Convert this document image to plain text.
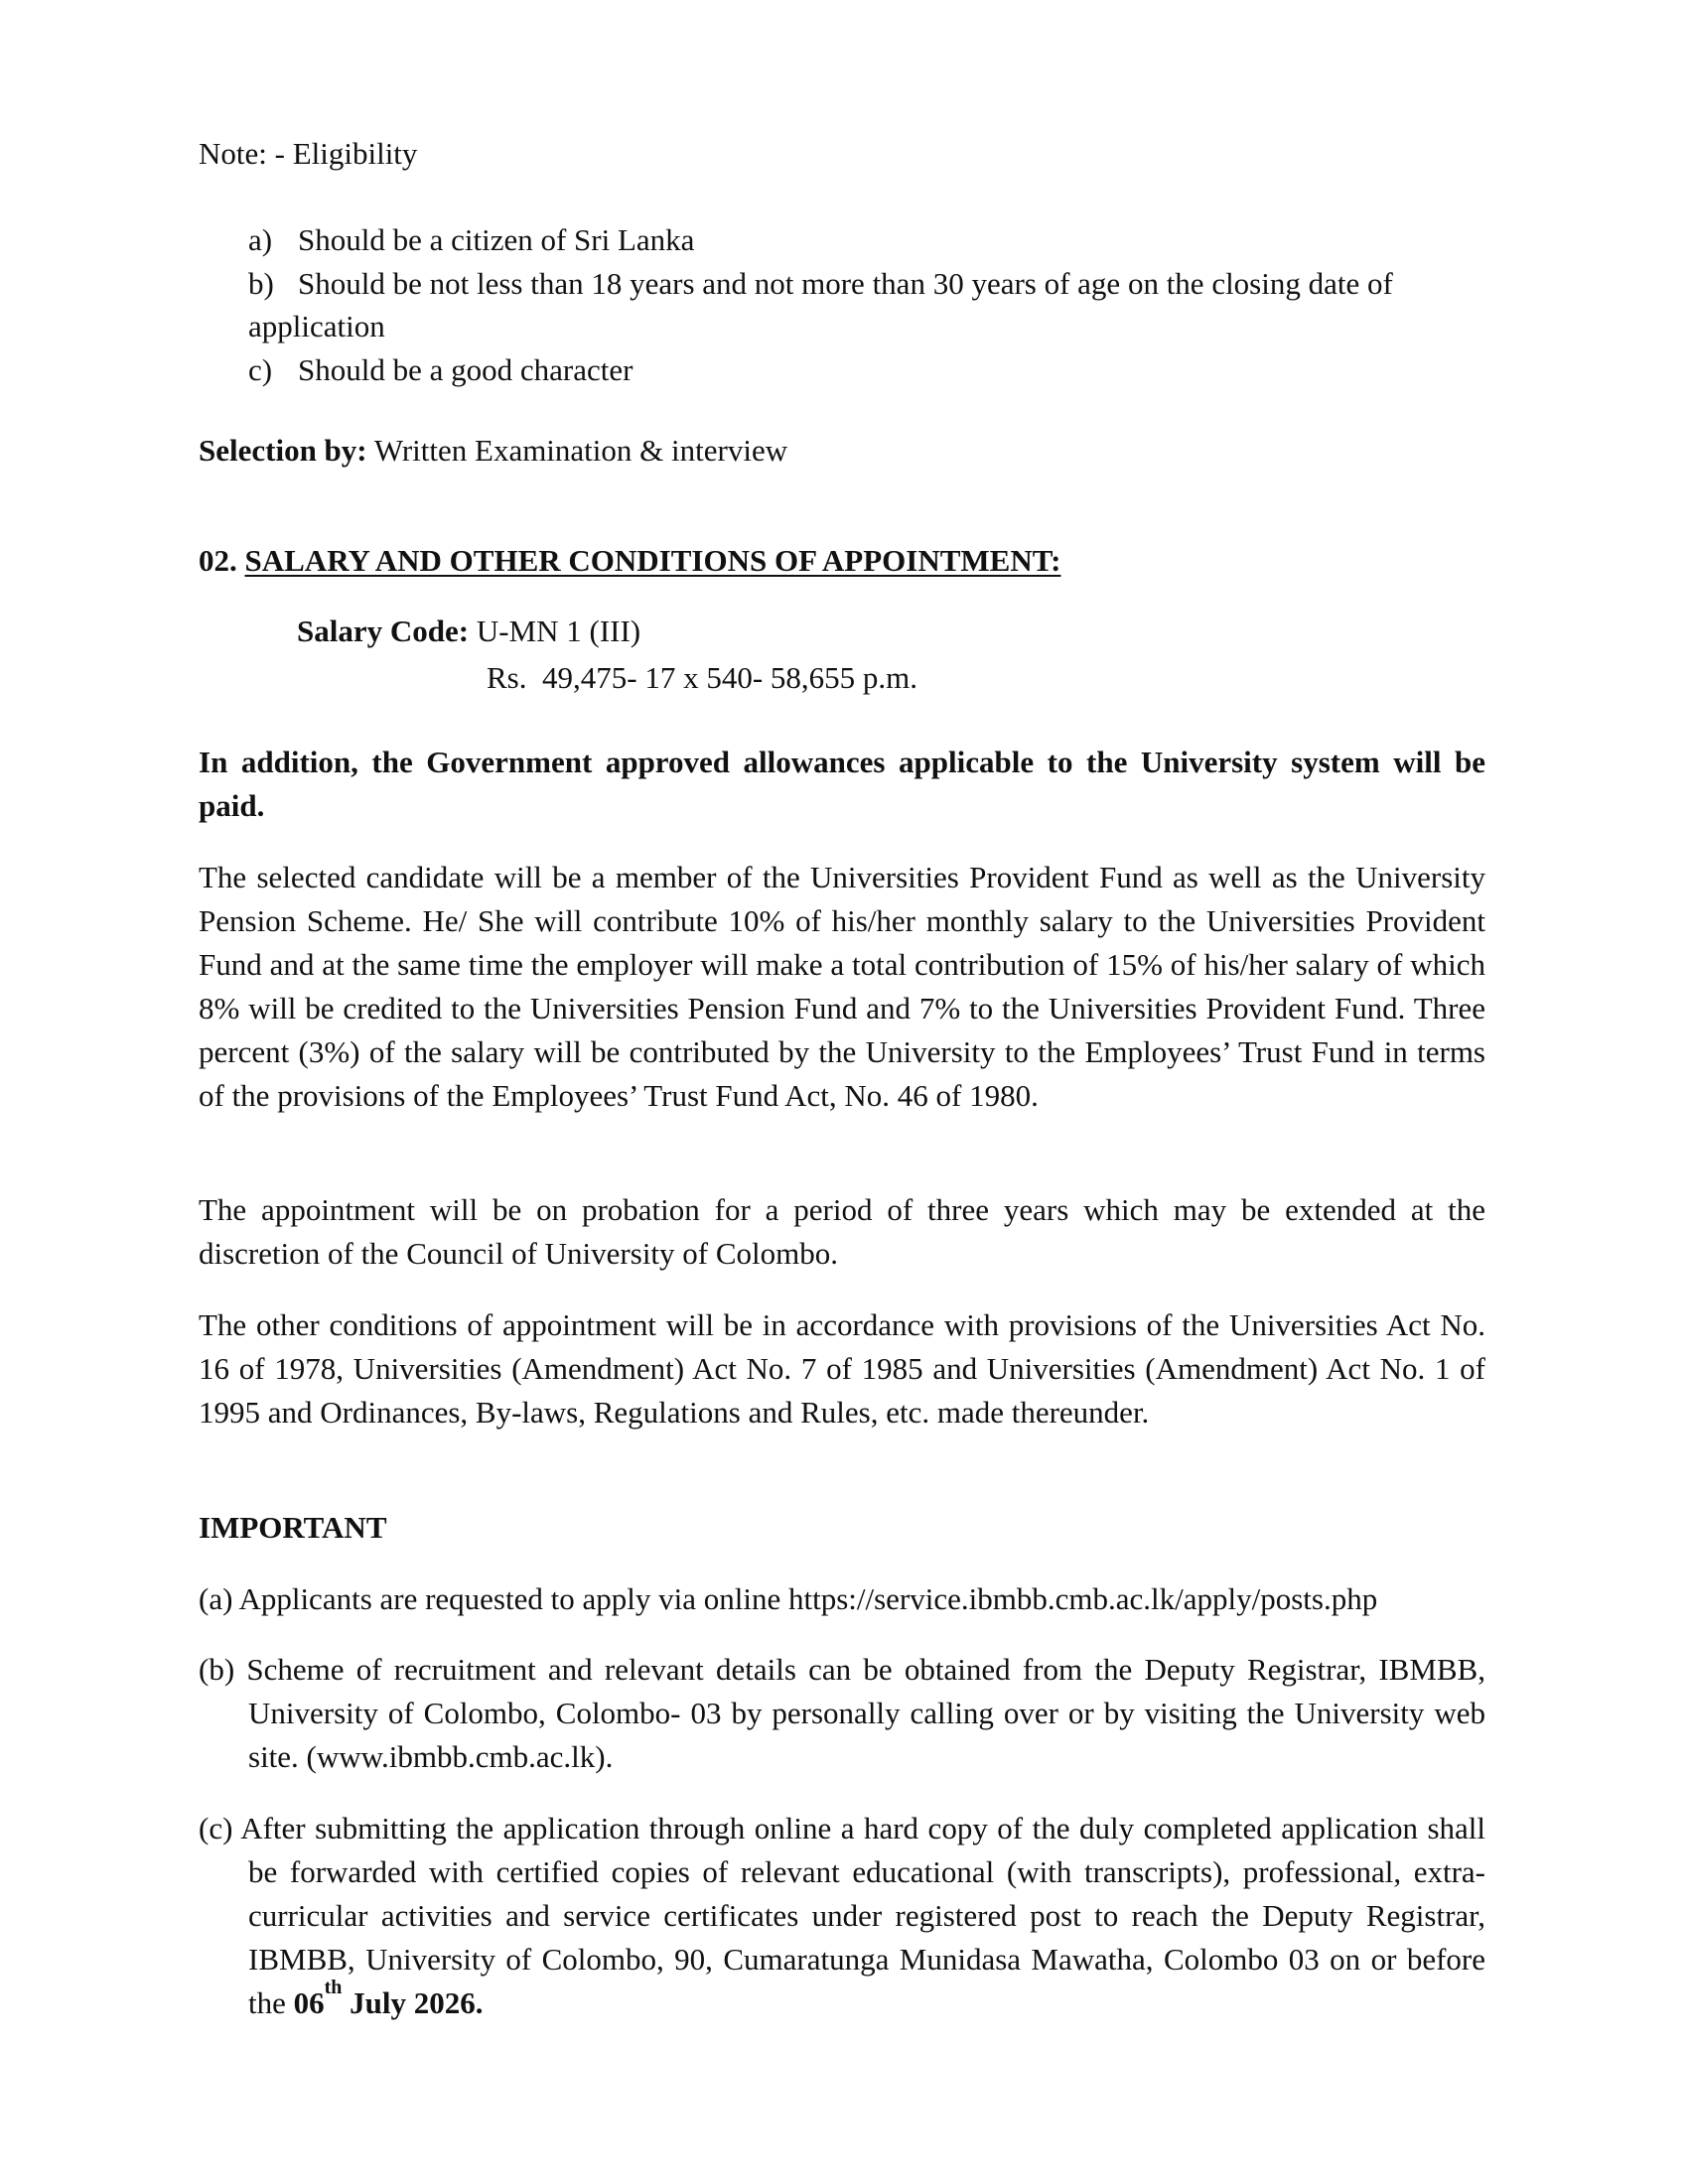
Note: - Eligibility

a) Should be a citizen of Sri Lanka

b) Should be not less than 18 years and not more than 30 years of age on the closing date of

application

c) Should be a good character

Selection by: Written Examination & interview

02. SALARY AND OTHER CONDITIONS OF APPOINTMENT:

Salary Code: U-MN 1 (III)

Rs.  49,475- 17 x 540- 58,655 p.m.

In addition, the Government approved allowances applicable to the University system will be paid.

The selected candidate will be a member of the Universities Provident Fund as well as the University Pension Scheme. He/ She will contribute 10% of his/her monthly salary to the Universities Provident Fund and at the same time the employer will make a total contribution of 15% of his/her salary of which 8% will be credited to the Universities Pension Fund and 7% to the Universities Provident Fund. Three percent (3%) of the salary will be contributed by the University to the Employees’ Trust Fund in terms of the provisions of the Employees’ Trust Fund Act, No. 46 of 1980.

The appointment will be on probation for a period of three years which may be extended at the discretion of the Council of University of Colombo.

The other conditions of appointment will be in accordance with provisions of the Universities Act No. 16 of 1978, Universities (Amendment) Act No. 7 of 1985 and Universities (Amendment) Act No. 1 of 1995 and Ordinances, By-laws, Regulations and Rules, etc. made thereunder.

IMPORTANT

(a) Applicants are requested to apply via online https://service.ibmbb.cmb.ac.lk/apply/posts.php

(b) Scheme of recruitment and relevant details can be obtained from the Deputy Registrar, IBMBB, University of Colombo, Colombo- 03 by personally calling over or by visiting the University web site. (www.ibmbb.cmb.ac.lk).

(c) After submitting the application through online a hard copy of the duly completed application shall be forwarded with certified copies of relevant educational (with transcripts), professional, extra-curricular activities and service certificates under registered post to reach the Deputy Registrar, IBMBB, University of Colombo, 90, Cumaratunga Munidasa Mawatha, Colombo 03 on or before the 06th July 2026.
